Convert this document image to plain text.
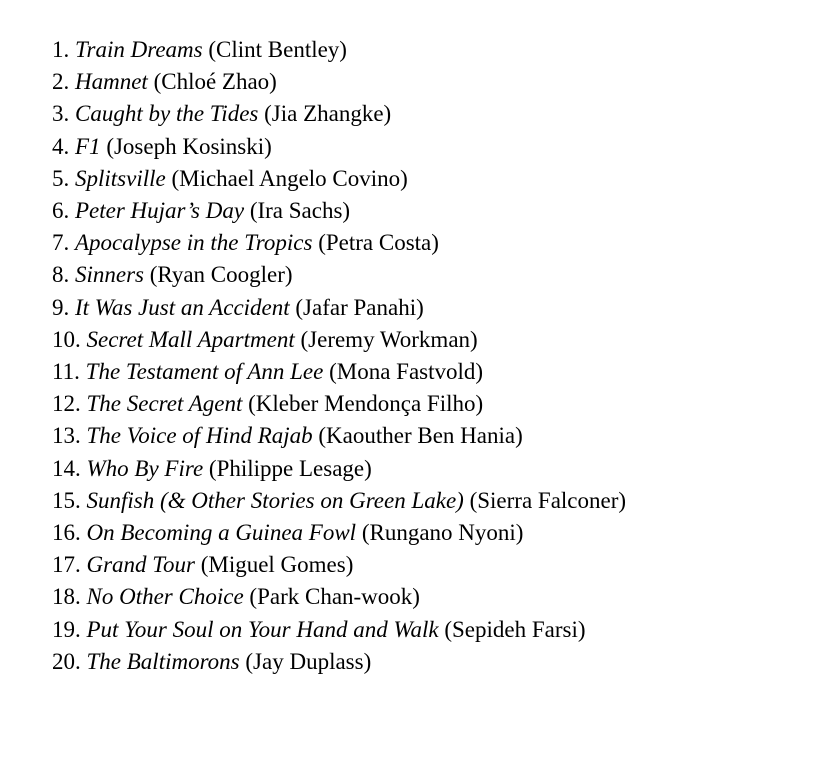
1. Train Dreams (Clint Bentley)
2. Hamnet (Chloé Zhao)
3. Caught by the Tides (Jia Zhangke)
4. F1 (Joseph Kosinski)
5. Splitsville (Michael Angelo Covino)
6. Peter Hujar’s Day (Ira Sachs)
7. Apocalypse in the Tropics (Petra Costa)
8. Sinners (Ryan Coogler)
9. It Was Just an Accident (Jafar Panahi)
10. Secret Mall Apartment (Jeremy Workman)
11. The Testament of Ann Lee (Mona Fastvold)
12. The Secret Agent (Kleber Mendonça Filho)
13. The Voice of Hind Rajab (Kaouther Ben Hania)
14. Who By Fire (Philippe Lesage)
15. Sunfish (& Other Stories on Green Lake) (Sierra Falconer)
16. On Becoming a Guinea Fowl (Rungano Nyoni)
17. Grand Tour (Miguel Gomes)
18. No Other Choice (Park Chan-wook)
19. Put Your Soul on Your Hand and Walk (Sepideh Farsi)
20. The Baltimorons (Jay Duplass)
